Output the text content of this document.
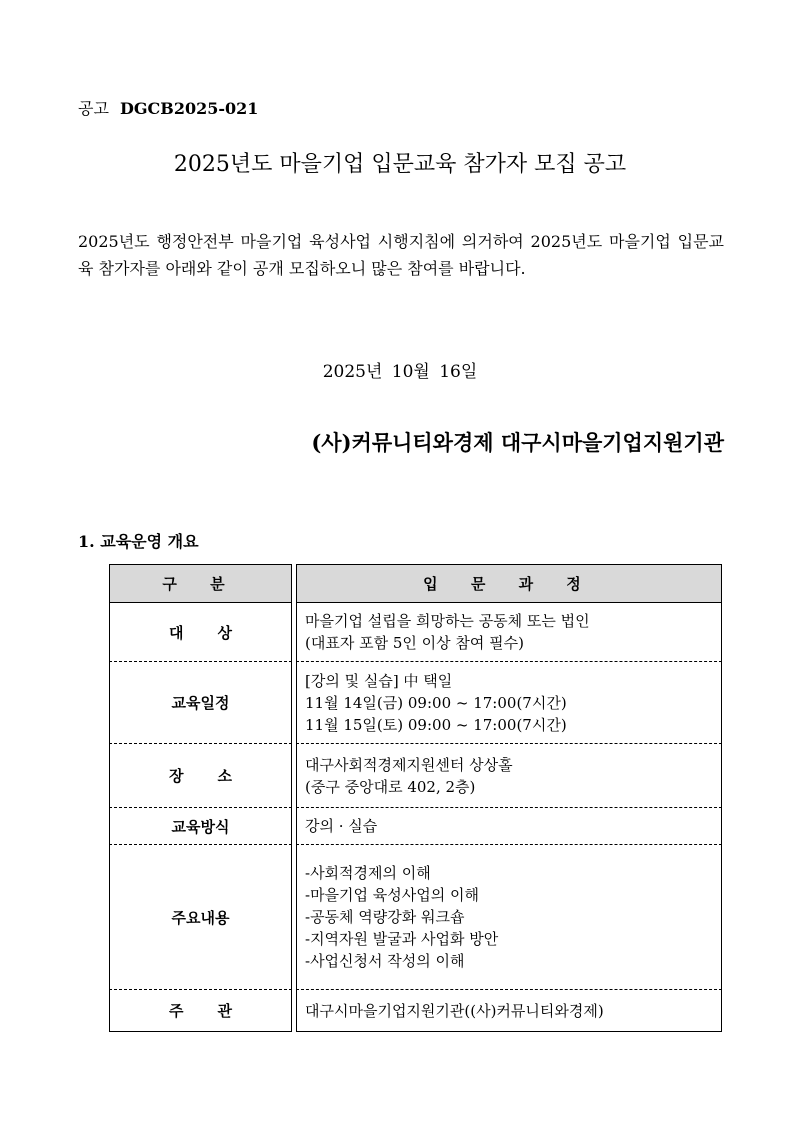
공고 DGCB2025-021
2025년도 마을기업 입문교육 참가자 모집 공고
2025년도 행정안전부 마을기업 육성사업 시행지침에 의거하여 2025년도 마을기업 입문교육 참가자를 아래와 같이 공개 모집하오니 많은 참여를 바랍니다.
2025년 10월 16일
(사)커뮤니티와경제 대구시마을기업지원기관
1. 교육운영 개요
구 분		입 문 과 정
대상		마을기업 설립을 희망하는 공동체 또는 법인
(대표자 포함 5인 이상 참여 필수)

교육일정		[강의 및 실습] 中 택일
11월 14일(금) 09:00 ~ 17:00(7시간)
11월 15일(토) 09:00 ~ 17:00(7시간)

장소		대구사회적경제지원센터 상상홀
(중구 중앙대로 402, 2층)

교육방식		강의 · 실습

주요내용		-사회적경제의 이해
-마을기업 육성사업의 이해
-공동체 역량강화 워크숍
-지역자원 발굴과 사업화 방안
-사업신청서 작성의 이해

주관		대구시마을기업지원기관((사)커뮤니티와경제)
